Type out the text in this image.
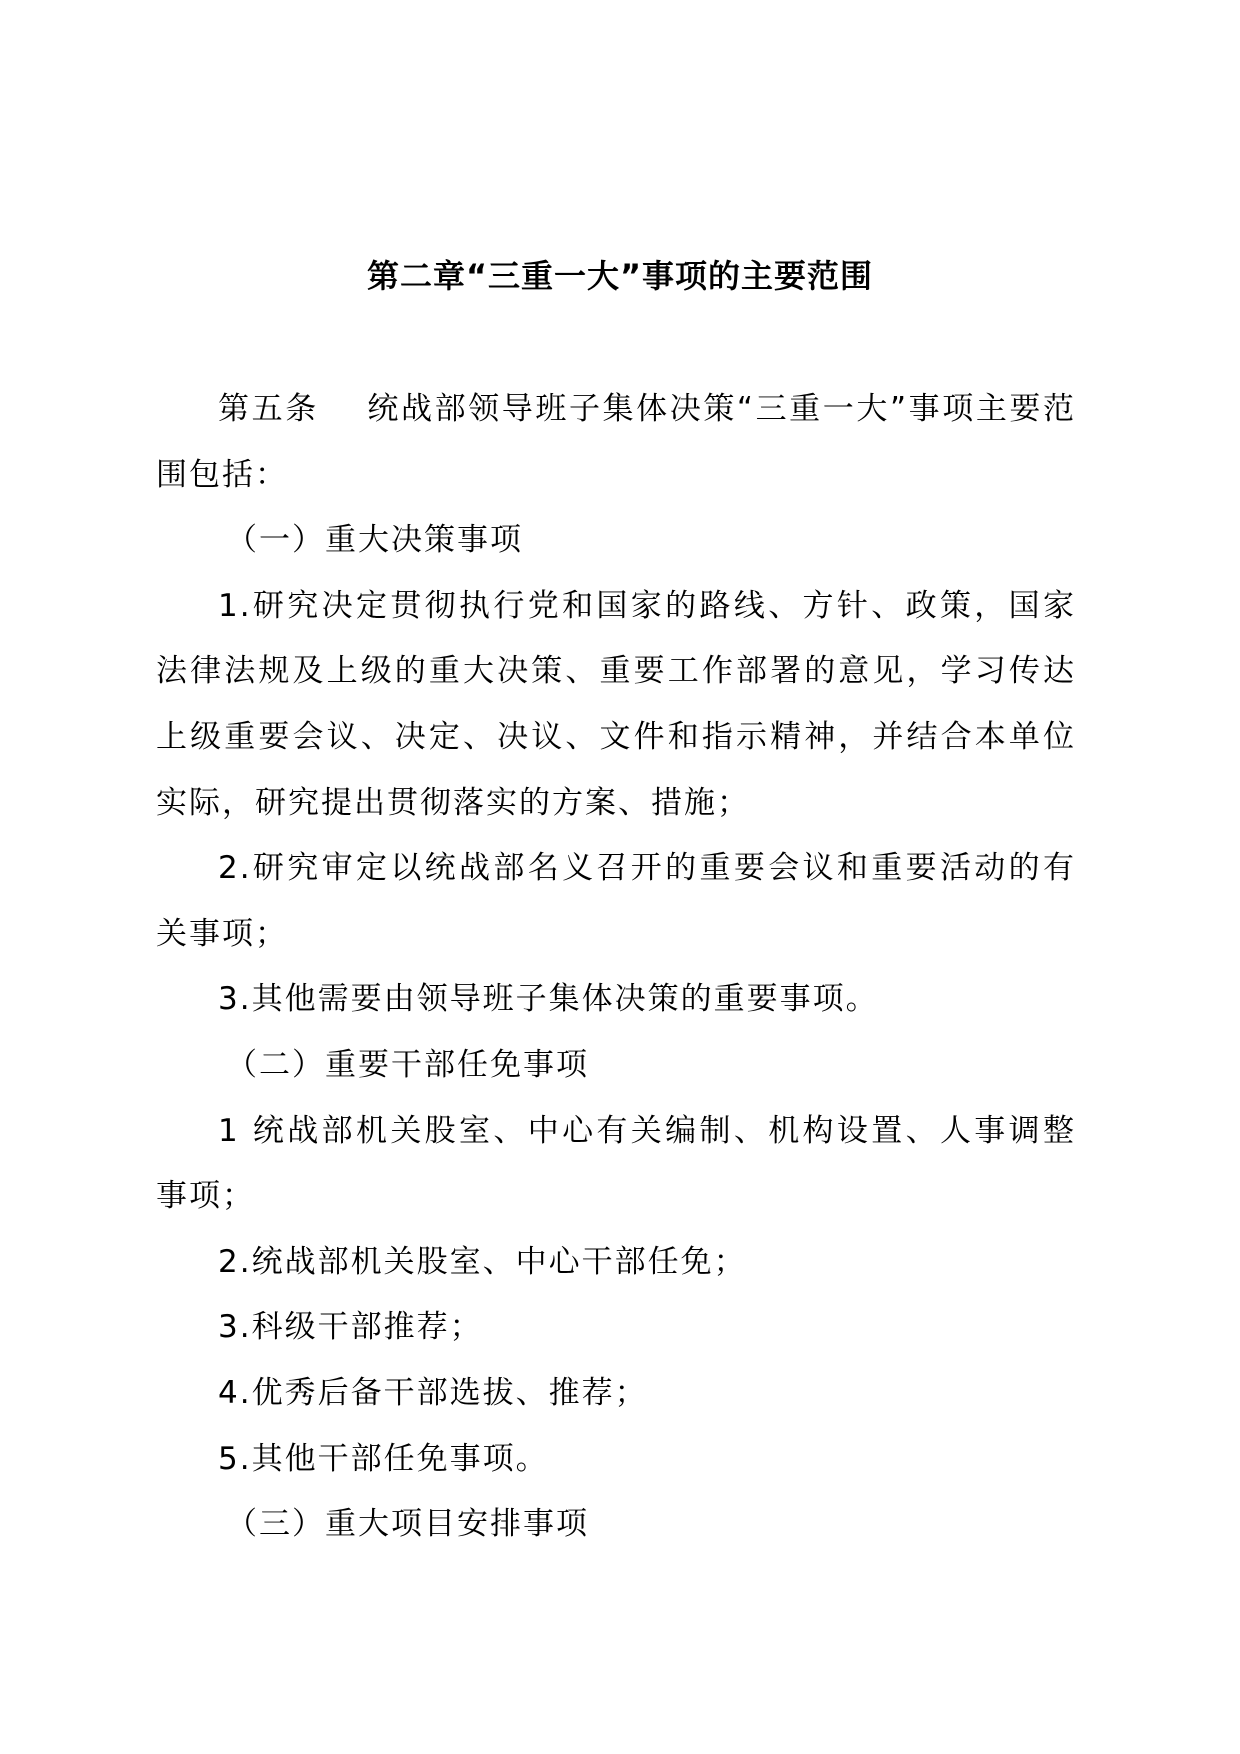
第二章“三重一大”事项的主要范围

第五条 统战部领导班子集体决策“三重一大”事项主要范围包括：

（一）重大决策事项

1.研究决定贯彻执行党和国家的路线、方针、政策，国家法律法规及上级的重大决策、重要工作部署的意见，学习传达上级重要会议、决定、决议、文件和指示精神，并结合本单位实际，研究提出贯彻落实的方案、措施；

2.研究审定以统战部名义召开的重要会议和重要活动的有关事项；

3.其他需要由领导班子集体决策的重要事项。

（二）重要干部任免事项

1 统战部机关股室、中心有关编制、机构设置、人事调整事项；

2.统战部机关股室、中心干部任免；

3.科级干部推荐；

4.优秀后备干部选拔、推荐；

5.其他干部任免事项。

（三）重大项目安排事项
